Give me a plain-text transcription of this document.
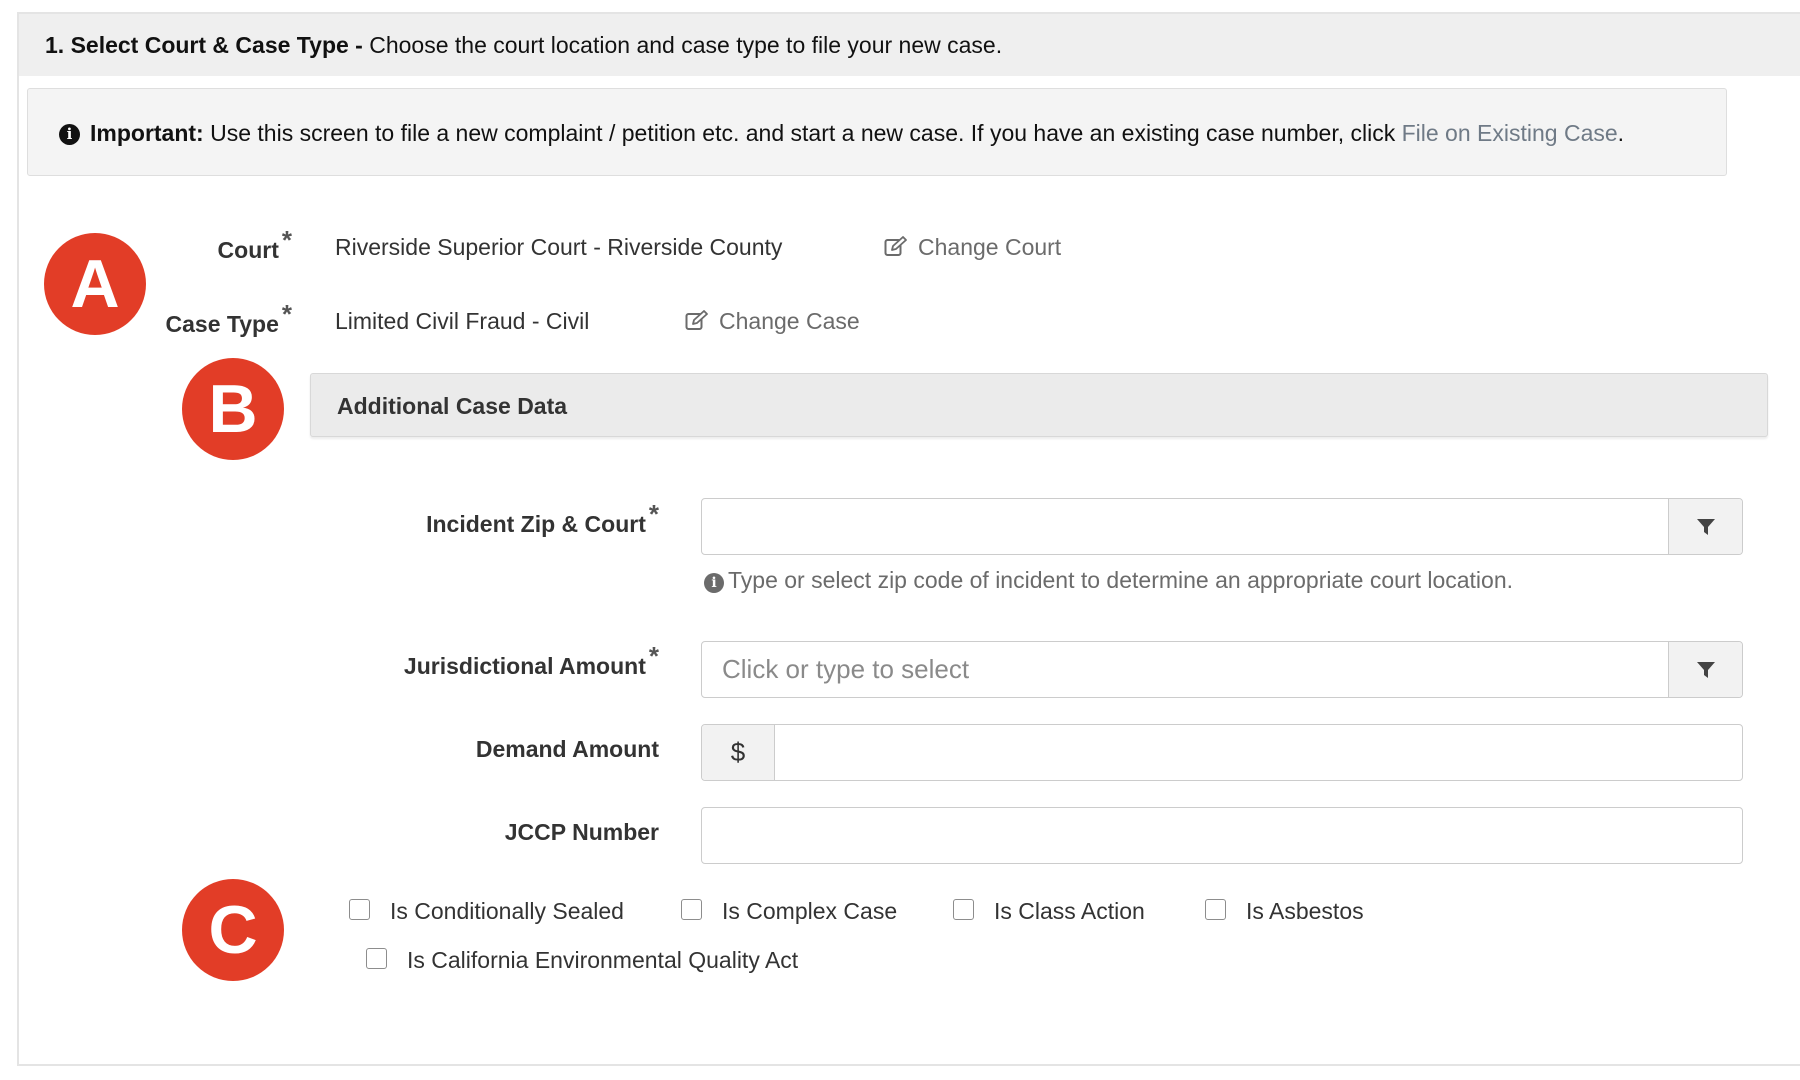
1. Select Court & Case Type - Choose the court location and case type to file your new case.
i Important: Use this screen to file a new complaint / petition etc. and start a new case. If you have an existing case number, click File on Existing Case.
A
B
C
Court * Riverside Superior Court - Riverside County	Change Court
Case Type * Limited Civil Fraud - Civil	Change Case
Additional Case Data
Incident Zip & Court *
i Type or select zip code of incident to determine an appropriate court location.
Jurisdictional Amount *	Click or type to select
Demand Amount	$
JCCP Number
Is Conditionally Sealed	Is Complex Case	Is Class Action	Is Asbestos
Is California Environmental Quality Act
